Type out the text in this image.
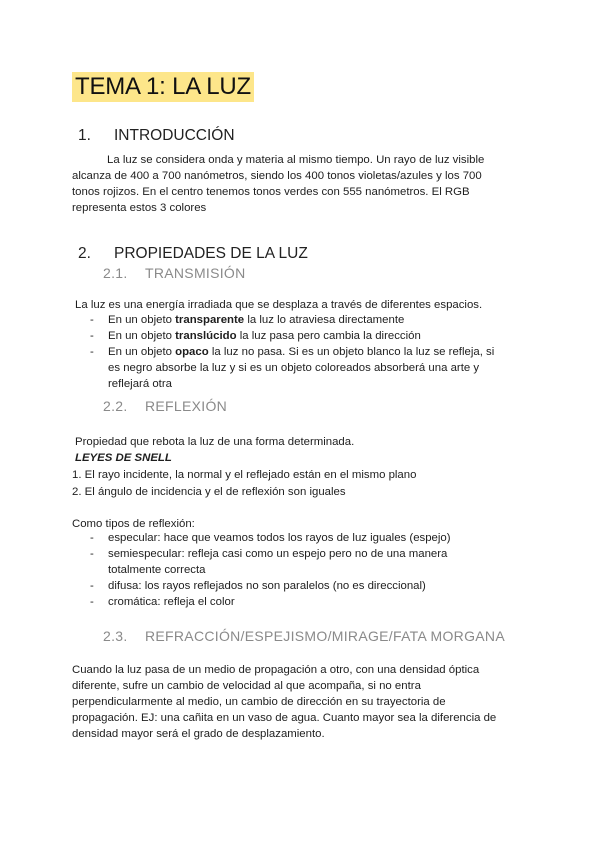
TEMA 1: LA LUZ
1. INTRODUCCIÓN
La luz se considera onda y materia al mismo tiempo. Un rayo de luz visible
alcanza de 400 a 700 nanómetros, siendo los 400 tonos violetas/azules y los 700
tonos rojizos. En el centro tenemos tonos verdes con 555 nanómetros. El RGB
representa estos 3 colores
2. PROPIEDADES DE LA LUZ
2.1. TRANSMISIÓN
La luz es una energía irradiada que se desplaza a través de diferentes espacios.
- En un objeto transparente la luz lo atraviesa directamente
- En un objeto translúcido la luz pasa pero cambia la dirección
- En un objeto opaco la luz no pasa. Si es un objeto blanco la luz se refleja, si
es negro absorbe la luz y si es un objeto coloreados absorberá una arte y
reflejará otra
2.2. REFLEXIÓN
Propiedad que rebota la luz de una forma determinada.
LEYES DE SNELL
1. El rayo incidente, la normal y el reflejado están en el mismo plano
2. El ángulo de incidencia y el de reflexión son iguales
Como tipos de reflexión:
- especular: hace que veamos todos los rayos de luz iguales (espejo)
- semiespecular: refleja casi como un espejo pero no de una manera
totalmente correcta
- difusa: los rayos reflejados no son paralelos (no es direccional)
- cromática: refleja el color
2.3. REFRACCIÓN/ESPEJISMO/MIRAGE/FATA MORGANA
Cuando la luz pasa de un medio de propagación a otro, con una densidad óptica
diferente, sufre un cambio de velocidad al que acompaña, si no entra
perpendicularmente al medio, un cambio de dirección en su trayectoria de
propagación. EJ: una cañita en un vaso de agua. Cuanto mayor sea la diferencia de
densidad mayor será el grado de desplazamiento.
